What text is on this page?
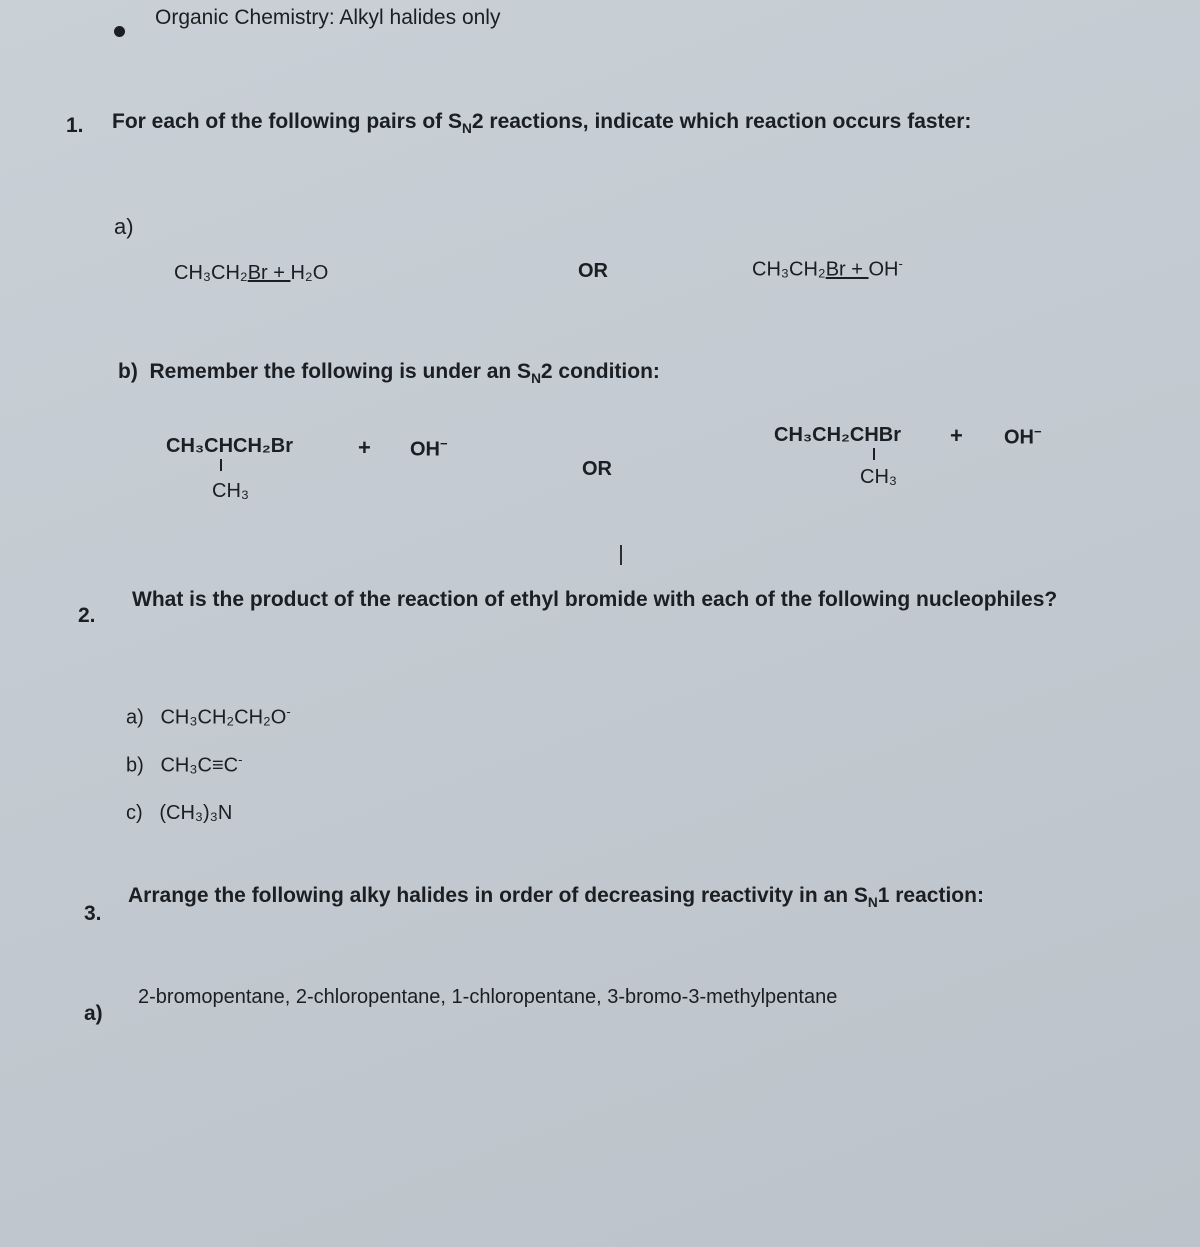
Organic Chemistry: Alkyl halides only
1. For each of the following pairs of $S_N2$ reactions, indicate which reaction occurs faster:
a)
CH₃CH₂Br + H₂O	OR	CH₃CH₂Br + OH-
b) Remember the following is under an $S_N2$ condition:
CH₃CHCH₂Br
CH₃
+ OH−
OR
CH₃CH₂CHBr
CH₃
+ OH−
2.
What is the product of the reaction of ethyl bromide with each of the following nucleophiles?
a) CH₃CH₂CH₂O-
b) CH₃C≡C-
c) (CH₃)₃N
3.
Arrange the following alky halides in order of decreasing reactivity in an $S_N1$ reaction:
a)
2-bromopentane, 2-chloropentane, 1-chloropentane, 3-bromo-3-methylpentane
